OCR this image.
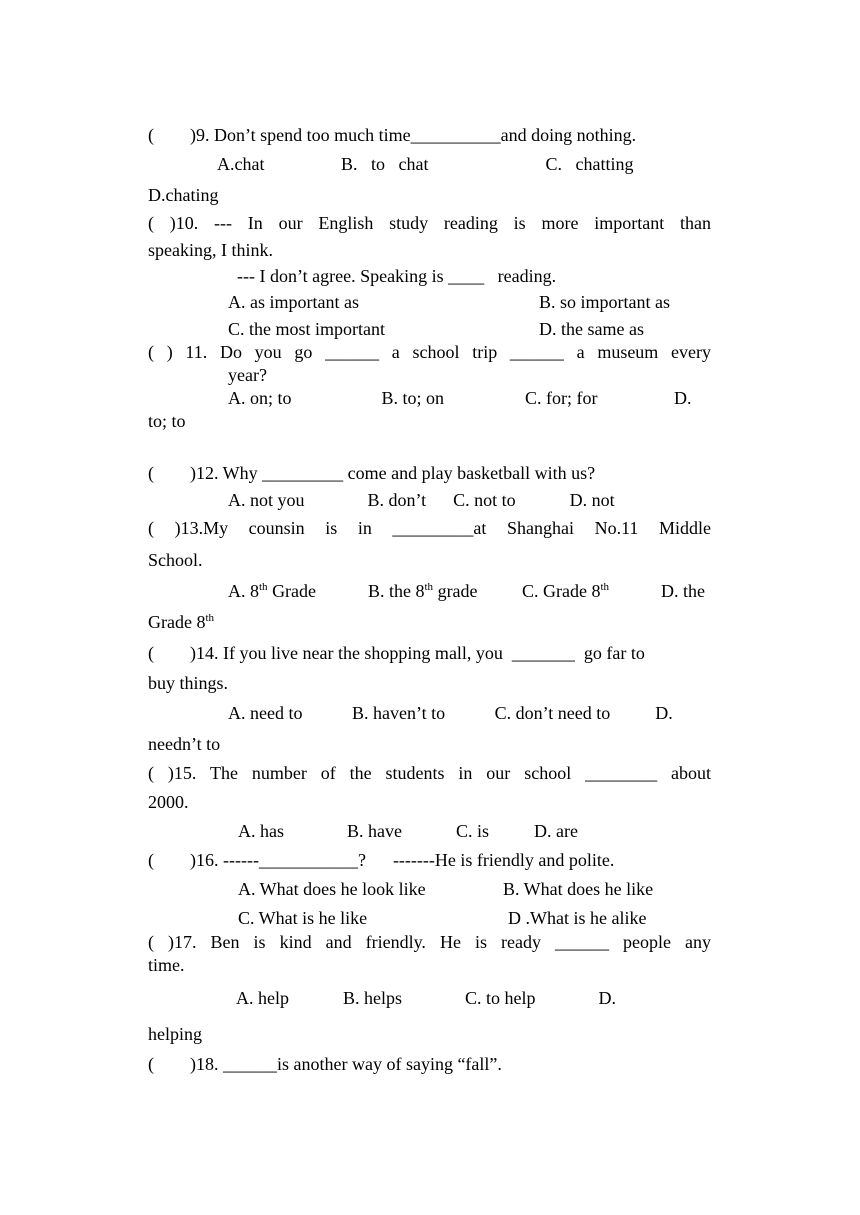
(        )9. Don’t spend too much time__________and doing nothing.
A.chat                 B.   to   chat                          C.   chatting
D.chating
( )10. --- In our English study reading is more important than
speaking, I think.
--- I don’t agree. Speaking is ____   reading.
A. as important as	B. so important as
C. the most important	D. the same as
( ) 11. Do you go ______ a school trip ______ a museum every
year?
A. on; to                    B. to; on                  C. for; for                 D.
to; to
(        )12. Why _________ come and play basketball with us?
A. not you              B. don’t      C. not to            D. not
( )13.My counsin is in _________at Shanghai No.11 Middle
School.
A. 8th Grade	B. the 8th grade C. Grade 8th	D. the
Grade 8th
(        )14. If you live near the shopping mall, you  _______  go far to
buy things.
A. need to           B. haven’t to           C. don’t need to          D.
needn’t to
( )15. The number of the students in our school ________ about
2000.
A. has              B. have            C. is          D. are
(        )16. ------___________?      -------He is friendly and polite.
A. What does he look like	B. What does he like
C. What is he like	D .What is he alike
( )17. Ben is kind and friendly. He is ready ______ people any
time.
A. help            B. helps              C. to help              D.
helping
(        )18. ______is another way of saying “fall”.
